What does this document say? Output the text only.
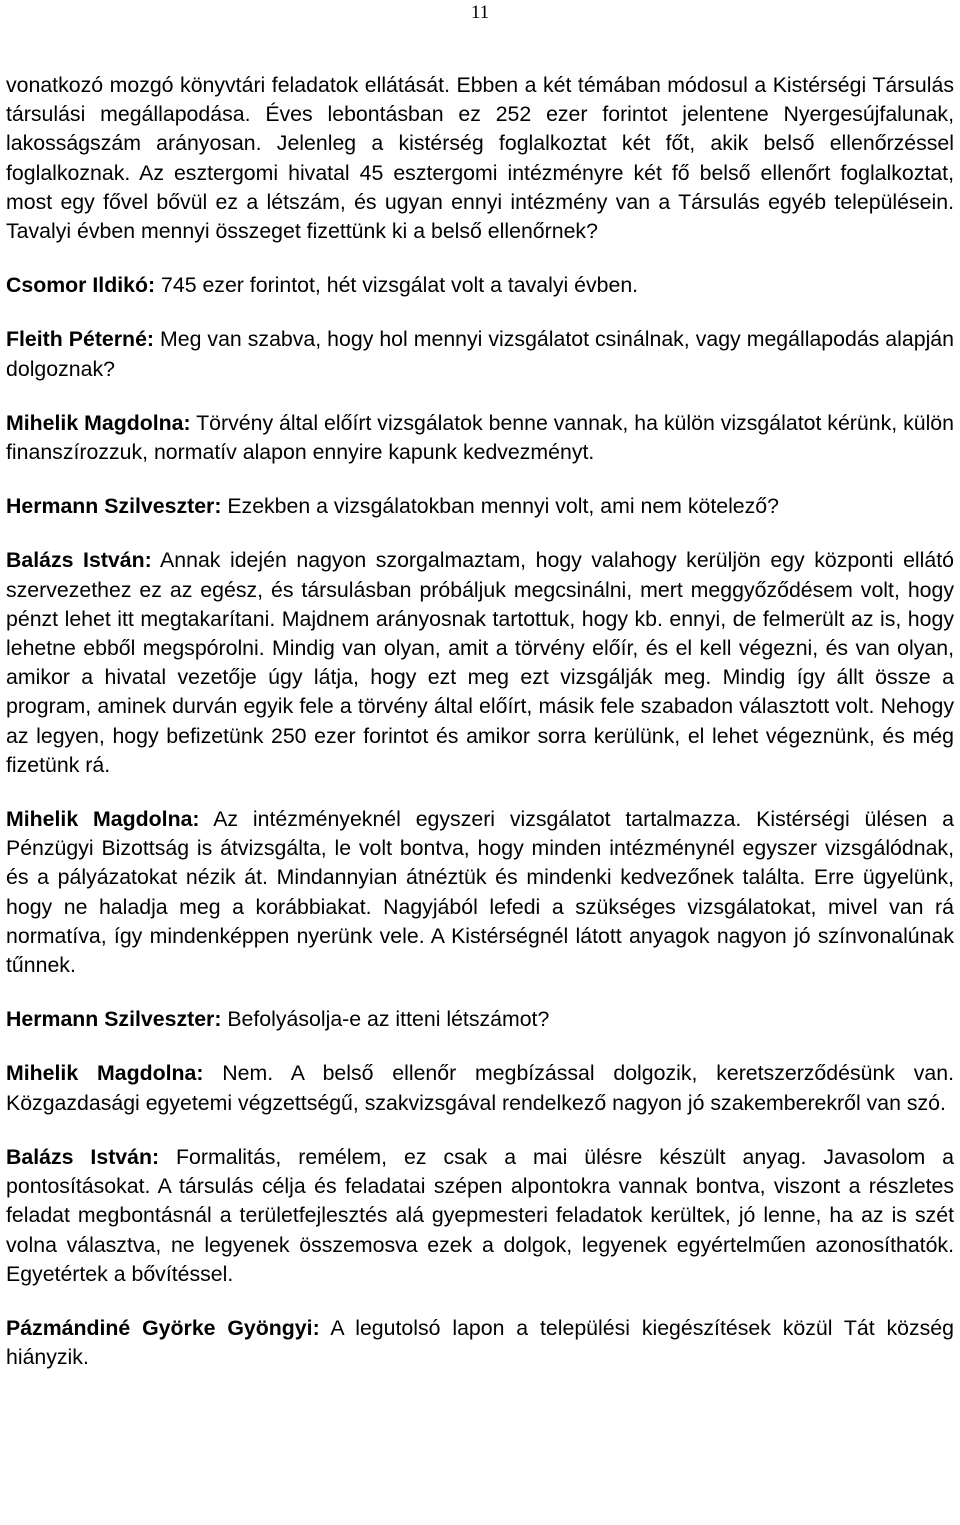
11

vonatkozó mozgó könyvtári feladatok ellátását. Ebben a két témában módosul a Kistérségi Társulás társulási megállapodása. Éves lebontásban ez 252 ezer forintot jelentene Nyergesújfalunak, lakosságszám arányosan. Jelenleg a kistérség foglalkoztat két főt, akik belső ellenőrzéssel foglalkoznak. Az esztergomi hivatal 45 esztergomi intézményre két fő belső ellenőrt foglalkoztat, most egy fővel bővül ez a létszám, és ugyan ennyi intézmény van a Társulás egyéb településein. Tavalyi évben mennyi összeget fizettünk ki a belső ellenőrnek?

Csomor Ildikó: 745 ezer forintot, hét vizsgálat volt a tavalyi évben.

Fleith Péterné: Meg van szabva, hogy hol mennyi vizsgálatot csinálnak, vagy megállapodás alapján dolgoznak?

Mihelik Magdolna: Törvény által előírt vizsgálatok benne vannak, ha külön vizsgálatot kérünk, külön finanszírozzuk, normatív alapon ennyire kapunk kedvezményt.

Hermann Szilveszter: Ezekben a vizsgálatokban mennyi volt, ami nem kötelező?

Balázs István: Annak idején nagyon szorgalmaztam, hogy valahogy kerüljön egy központi ellátó szervezethez ez az egész, és társulásban próbáljuk megcsinálni, mert meggyőződésem volt, hogy pénzt lehet itt megtakarítani. Majdnem arányosnak tartottuk, hogy kb. ennyi, de felmerült az is, hogy lehetne ebből megspórolni. Mindig van olyan, amit a törvény előír, és el kell végezni, és van olyan, amikor a hivatal vezetője úgy látja, hogy ezt meg ezt vizsgálják meg. Mindig így állt össze a program, aminek durván egyik fele a törvény által előírt, másik fele szabadon választott volt. Nehogy az legyen, hogy befizetünk 250 ezer forintot és amikor sorra kerülünk, el lehet végeznünk, és még fizetünk rá.

Mihelik Magdolna: Az intézményeknél egyszeri vizsgálatot tartalmazza. Kistérségi ülésen a Pénzügyi Bizottság is átvizsgálta, le volt bontva, hogy minden intézménynél egyszer vizsgálódnak, és a pályázatokat nézik át. Mindannyian átnéztük és mindenki kedvezőnek találta. Erre ügyelünk, hogy ne haladja meg a korábbiakat. Nagyjából lefedi a szükséges vizsgálatokat, mivel van rá normatíva, így mindenképpen nyerünk vele. A Kistérségnél látott anyagok nagyon jó színvonalúnak tűnnek.

Hermann Szilveszter: Befolyásolja-e az itteni létszámot?

Mihelik Magdolna: Nem. A belső ellenőr megbízással dolgozik, keretszerződésünk van. Közgazdasági egyetemi végzettségű, szakvizsgával rendelkező nagyon jó szakemberekről van szó.

Balázs István: Formalitás, remélem, ez csak a mai ülésre készült anyag. Javasolom a pontosításokat. A társulás célja és feladatai szépen alpontokra vannak bontva, viszont a részletes feladat megbontásnál a területfejlesztés alá gyepmesteri feladatok kerültek, jó lenne, ha az is szét volna választva, ne legyenek összemosva ezek a dolgok, legyenek egyértelműen azonosíthatók. Egyetértek a bővítéssel.

Pázmándiné Györke Gyöngyi: A legutolsó lapon a települési kiegészítések közül Tát község hiányzik.
